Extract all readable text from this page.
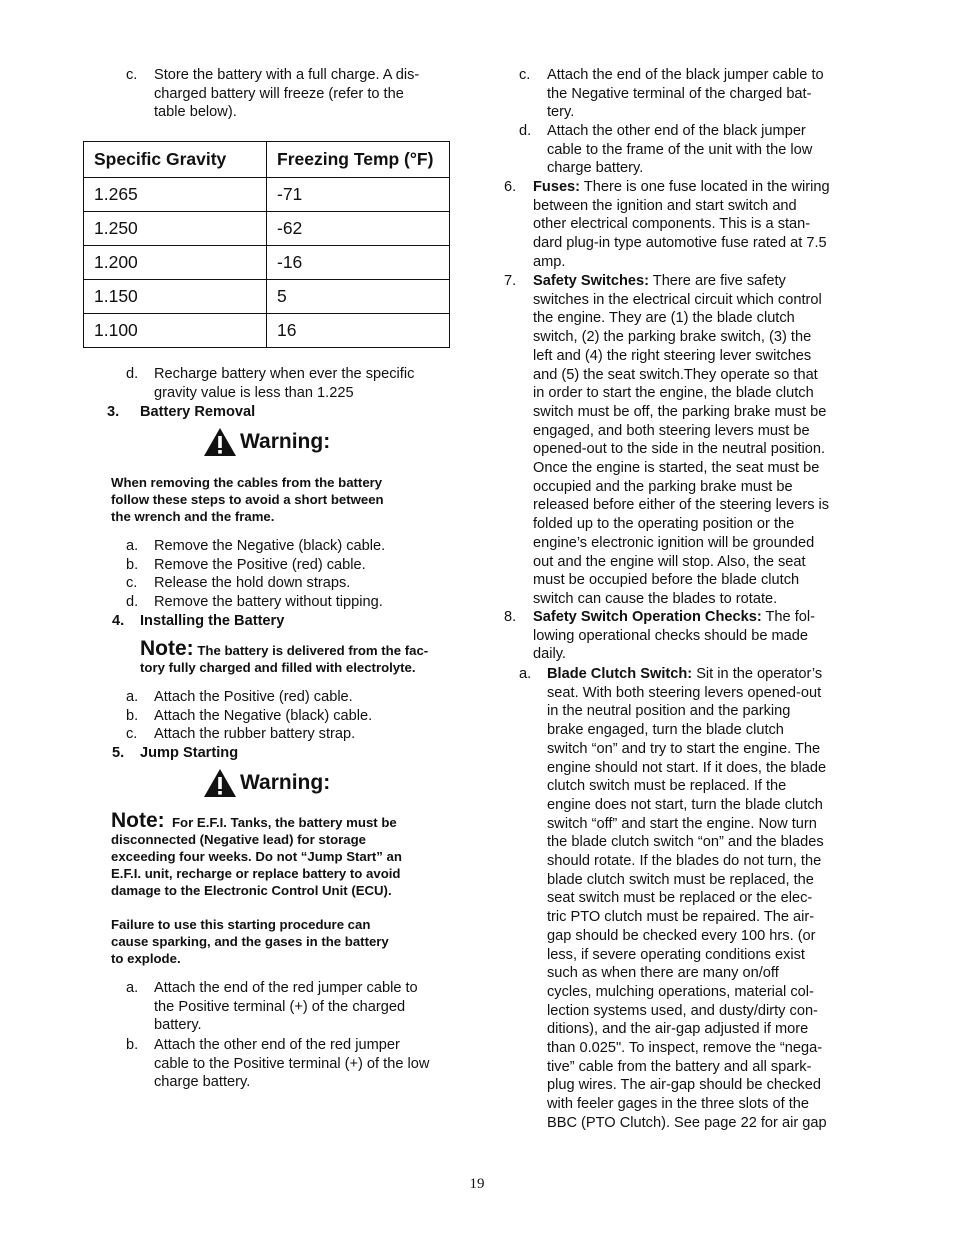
c. Store the battery with a full charge. A dis-
charged battery will freeze (refer to the
table below).
Specific Gravity	Freezing Temp (°F)
1.265	-71
1.250	-62
1.200	-16
1.150	5
1.100	16
d. Recharge battery when ever the specific
gravity value is less than 1.225
3. Battery Removal
Warning:
When removing the cables from the battery
follow these steps to avoid a short between
the wrench and the frame.
a. Remove the Negative (black) cable.
b. Remove the Positive (red) cable.
c. Release the hold down straps.
d. Remove the battery without tipping.
4. Installing the Battery
Note: The battery is delivered from the fac-
tory fully charged and filled with electrolyte.
a. Attach the Positive (red) cable.
b. Attach the Negative (black) cable.
c. Attach the rubber battery strap.
5. Jump Starting
Warning:
Note: For E.F.I. Tanks, the battery must be
disconnected (Negative lead) for storage
exceeding four weeks. Do not “Jump Start” an
E.F.I. unit, recharge or replace battery to avoid
damage to the Electronic Control Unit (ECU).
Failure to use this starting procedure can
cause sparking, and the gases in the battery
to explode.
a. Attach the end of the red jumper cable to
the Positive terminal (+) of the charged
battery.
b. Attach the other end of the red jumper
cable to the Positive terminal (+) of the low
charge battery.
c. Attach the end of the black jumper cable to
the Negative terminal of the charged bat-
tery.
d. Attach the other end of the black jumper
cable to the frame of the unit with the low
charge battery.
6. Fuses: There is one fuse located in the wiring
between the ignition and start switch and
other electrical components. This is a stan-
dard plug-in type automotive fuse rated at 7.5
amp.
7. Safety Switches: There are five safety
switches in the electrical circuit which control
the engine. They are (1) the blade clutch
switch, (2) the parking brake switch, (3) the
left and (4) the right steering lever switches
and (5) the seat switch.They operate so that
in order to start the engine, the blade clutch
switch must be off, the parking brake must be
engaged, and both steering levers must be
opened-out to the side in the neutral position.
Once the engine is started, the seat must be
occupied and the parking brake must be
released before either of the steering levers is
folded up to the operating position or the
engine’s electronic ignition will be grounded
out and the engine will stop. Also, the seat
must be occupied before the blade clutch
switch can cause the blades to rotate.
8. Safety Switch Operation Checks: The fol-
lowing operational checks should be made
daily.
a. Blade Clutch Switch: Sit in the operator’s
seat. With both steering levers opened-out
in the neutral position and the parking
brake engaged, turn the blade clutch
switch “on” and try to start the engine. The
engine should not start. If it does, the blade
clutch switch must be replaced. If the
engine does not start, turn the blade clutch
switch “off” and start the engine. Now turn
the blade clutch switch “on” and the blades
should rotate. If the blades do not turn, the
blade clutch switch must be replaced, the
seat switch must be replaced or the elec-
tric PTO clutch must be repaired. The air-
gap should be checked every 100 hrs. (or
less, if severe operating conditions exist
such as when there are many on/off
cycles, mulching operations, material col-
lection systems used, and dusty/dirty con-
ditions), and the air-gap adjusted if more
than 0.025". To inspect, remove the “nega-
tive” cable from the battery and all spark-
plug wires. The air-gap should be checked
with feeler gages in the three slots of the
BBC (PTO Clutch). See page 22 for air gap
19
